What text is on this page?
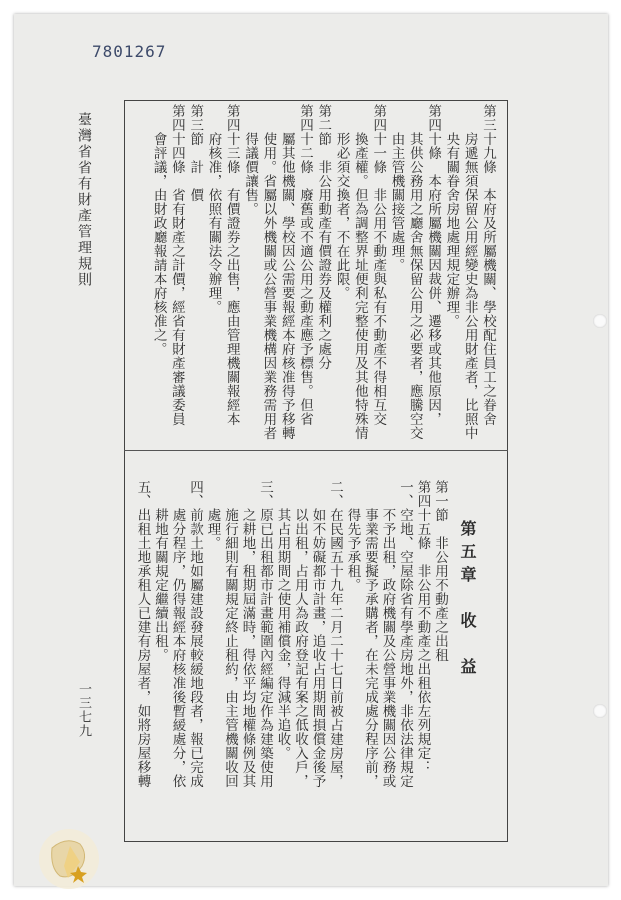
7801267
臺灣省省有財產管理規則
一三七九
第三十九條　本府及所屬機關、學校配住員工之眷舍
房遞無須保留公用經變史為非公用財產者，比照中
央有關眷舍房地處理規定辦理。
第四十條　本府所屬機關因裁併、遷移或其他原因，
其供公務用之廳舍無保留公用之必要者，應騰空交
由主管機關接管處理。
第四十一條　非公用不動產與私有不動產不得相互交
換產權。但為調整界址便利完整使用及其他特殊情
形必須交換者，不在此限。
第二節　非公用動產有價證券及權利之處分
第四十二條　廢舊或不適公用之動產應予標售。但省
屬其他機關、學校因公需要報經本府核准得予移轉
使用。省屬以外機關或公營事業機構因業務需用者
得議價讓售。
第四十三條　有價證券之出售，應由管理機關報經本
府核准，依照有關法令辦理。
第三節　計　價
第四十四條　省有財產之計價，經省有財產審議委員
會評議，由財政廳報請本府核准之。
第一節　非公用不動產之出租
第四十五條　非公用不動產之出租依左列規定：
一、空地、空屋除省有學產房地外，非依法律規定
不予出租，政府機關及公營事業機關因公務或
事業需要擬予承購者，在未完成處分程序前，
得先予承租。
二、在民國五十九年二月二十七日前被占建房屋，
如不妨礙都市計畫，追收占用期間損償金後予
以出租，占用人為政府登記有案之低收入戶，
其占用期間之使用補償金，得減半追收。
三、原已出租都市計畫範圍內經編定作為建築使用
之耕地，租期屆滿時，得依平均地權條例及其
施行細則有關規定終止租約，由主管機關收回
處理。
四、前款土地如屬建設發展較緩地段者，報已完成
處分程序，仍得報經本府核准後暫緩處分，依
耕地有關規定繼續出租。
五、出租土地承租人已建有房屋者，如將房屋移轉	第五章　收　益
